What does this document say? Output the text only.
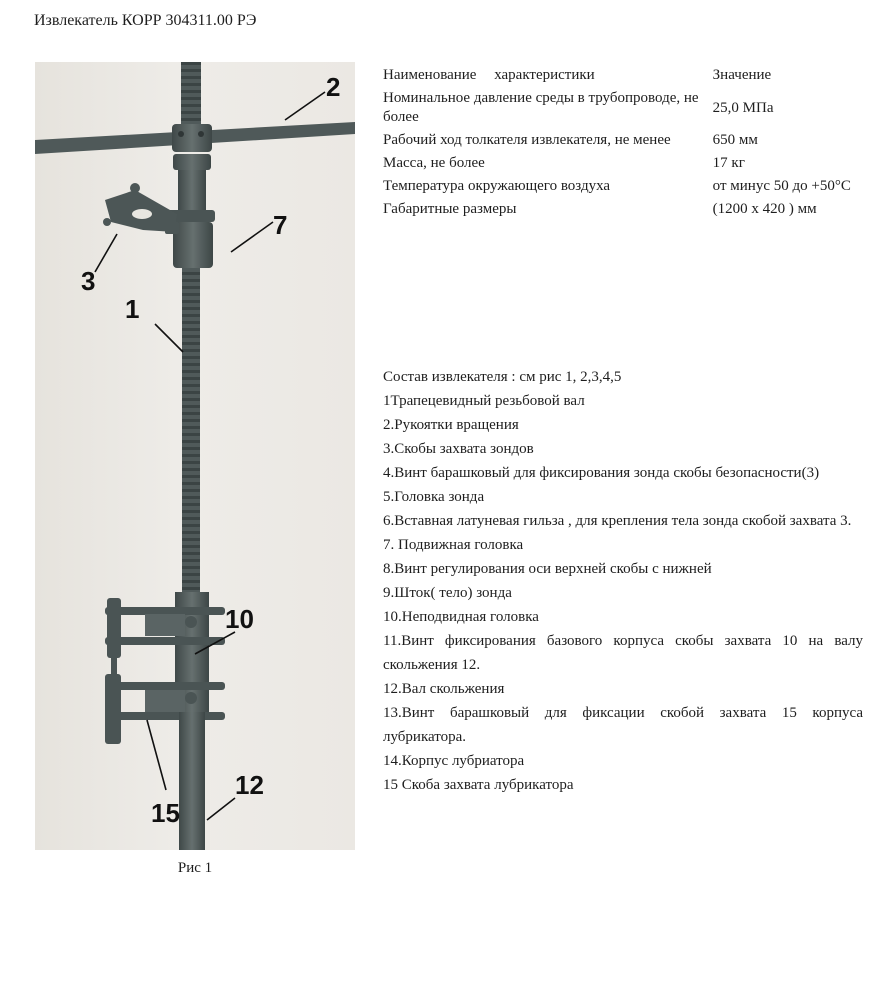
Извлекатель КОРР 304311.00 РЭ
2
7
3
1
10
15
12
Рис 1
Наименование характеристики	Значение
Номинальное давление среды в трубопроводе, не более	25,0 МПа
Рабочий ход толкателя извлекателя, не менее	650 мм
Масса, не более	17 кг
Температура окружающего воздуха	от минус 50 до +50°С
Габаритные размеры	(1200 х 420 ) мм

Состав извлекателя : см рис 1, 2,3,4,5

1Трапецевидный резьбовой вал

2.Рукоятки вращения

3.Скобы захвата зондов

4.Винт барашковый для фиксирования зонда скобы безопасности(3)

5.Головка зонда

6.Вставная латуневая гильза , для крепления тела зонда скобой захвата 3.

7. Подвижная головка

8.Винт регулирования оси верхней скобы с нижней

9.Шток( тело) зонда

10.Неподвидная головка

11.Винт фиксирования базового корпуса скобы захвата 10 на валу скольжения 12.

12.Вал скольжения

13.Винт барашковый для фиксации скобой захвата 15 корпуса лубрикатора.

14.Корпус лубриатора

15 Скоба захвата лубрикатора
